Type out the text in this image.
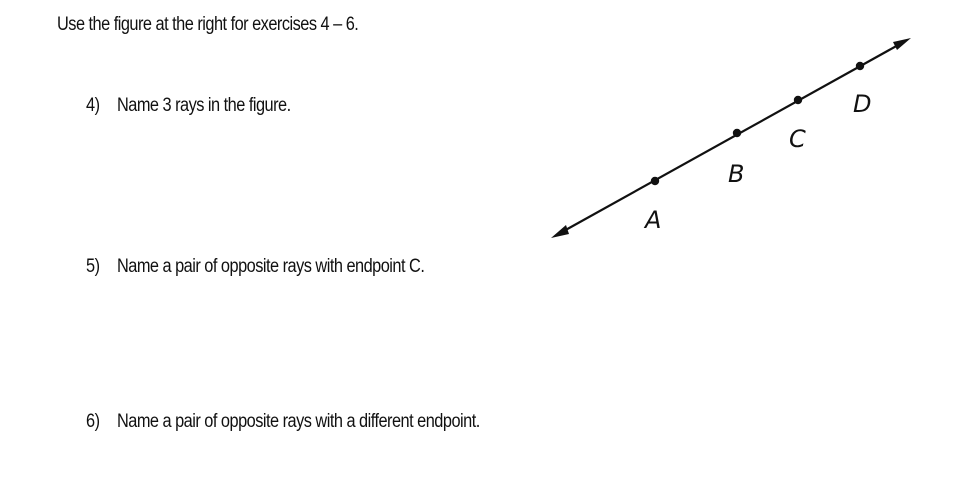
Use the figure at the right for exercises 4 – 6.
4) Name 3 rays in the figure.
5) Name a pair of opposite rays with endpoint C.
6) Name a pair of opposite rays with a different endpoint.
A
B
C
D
